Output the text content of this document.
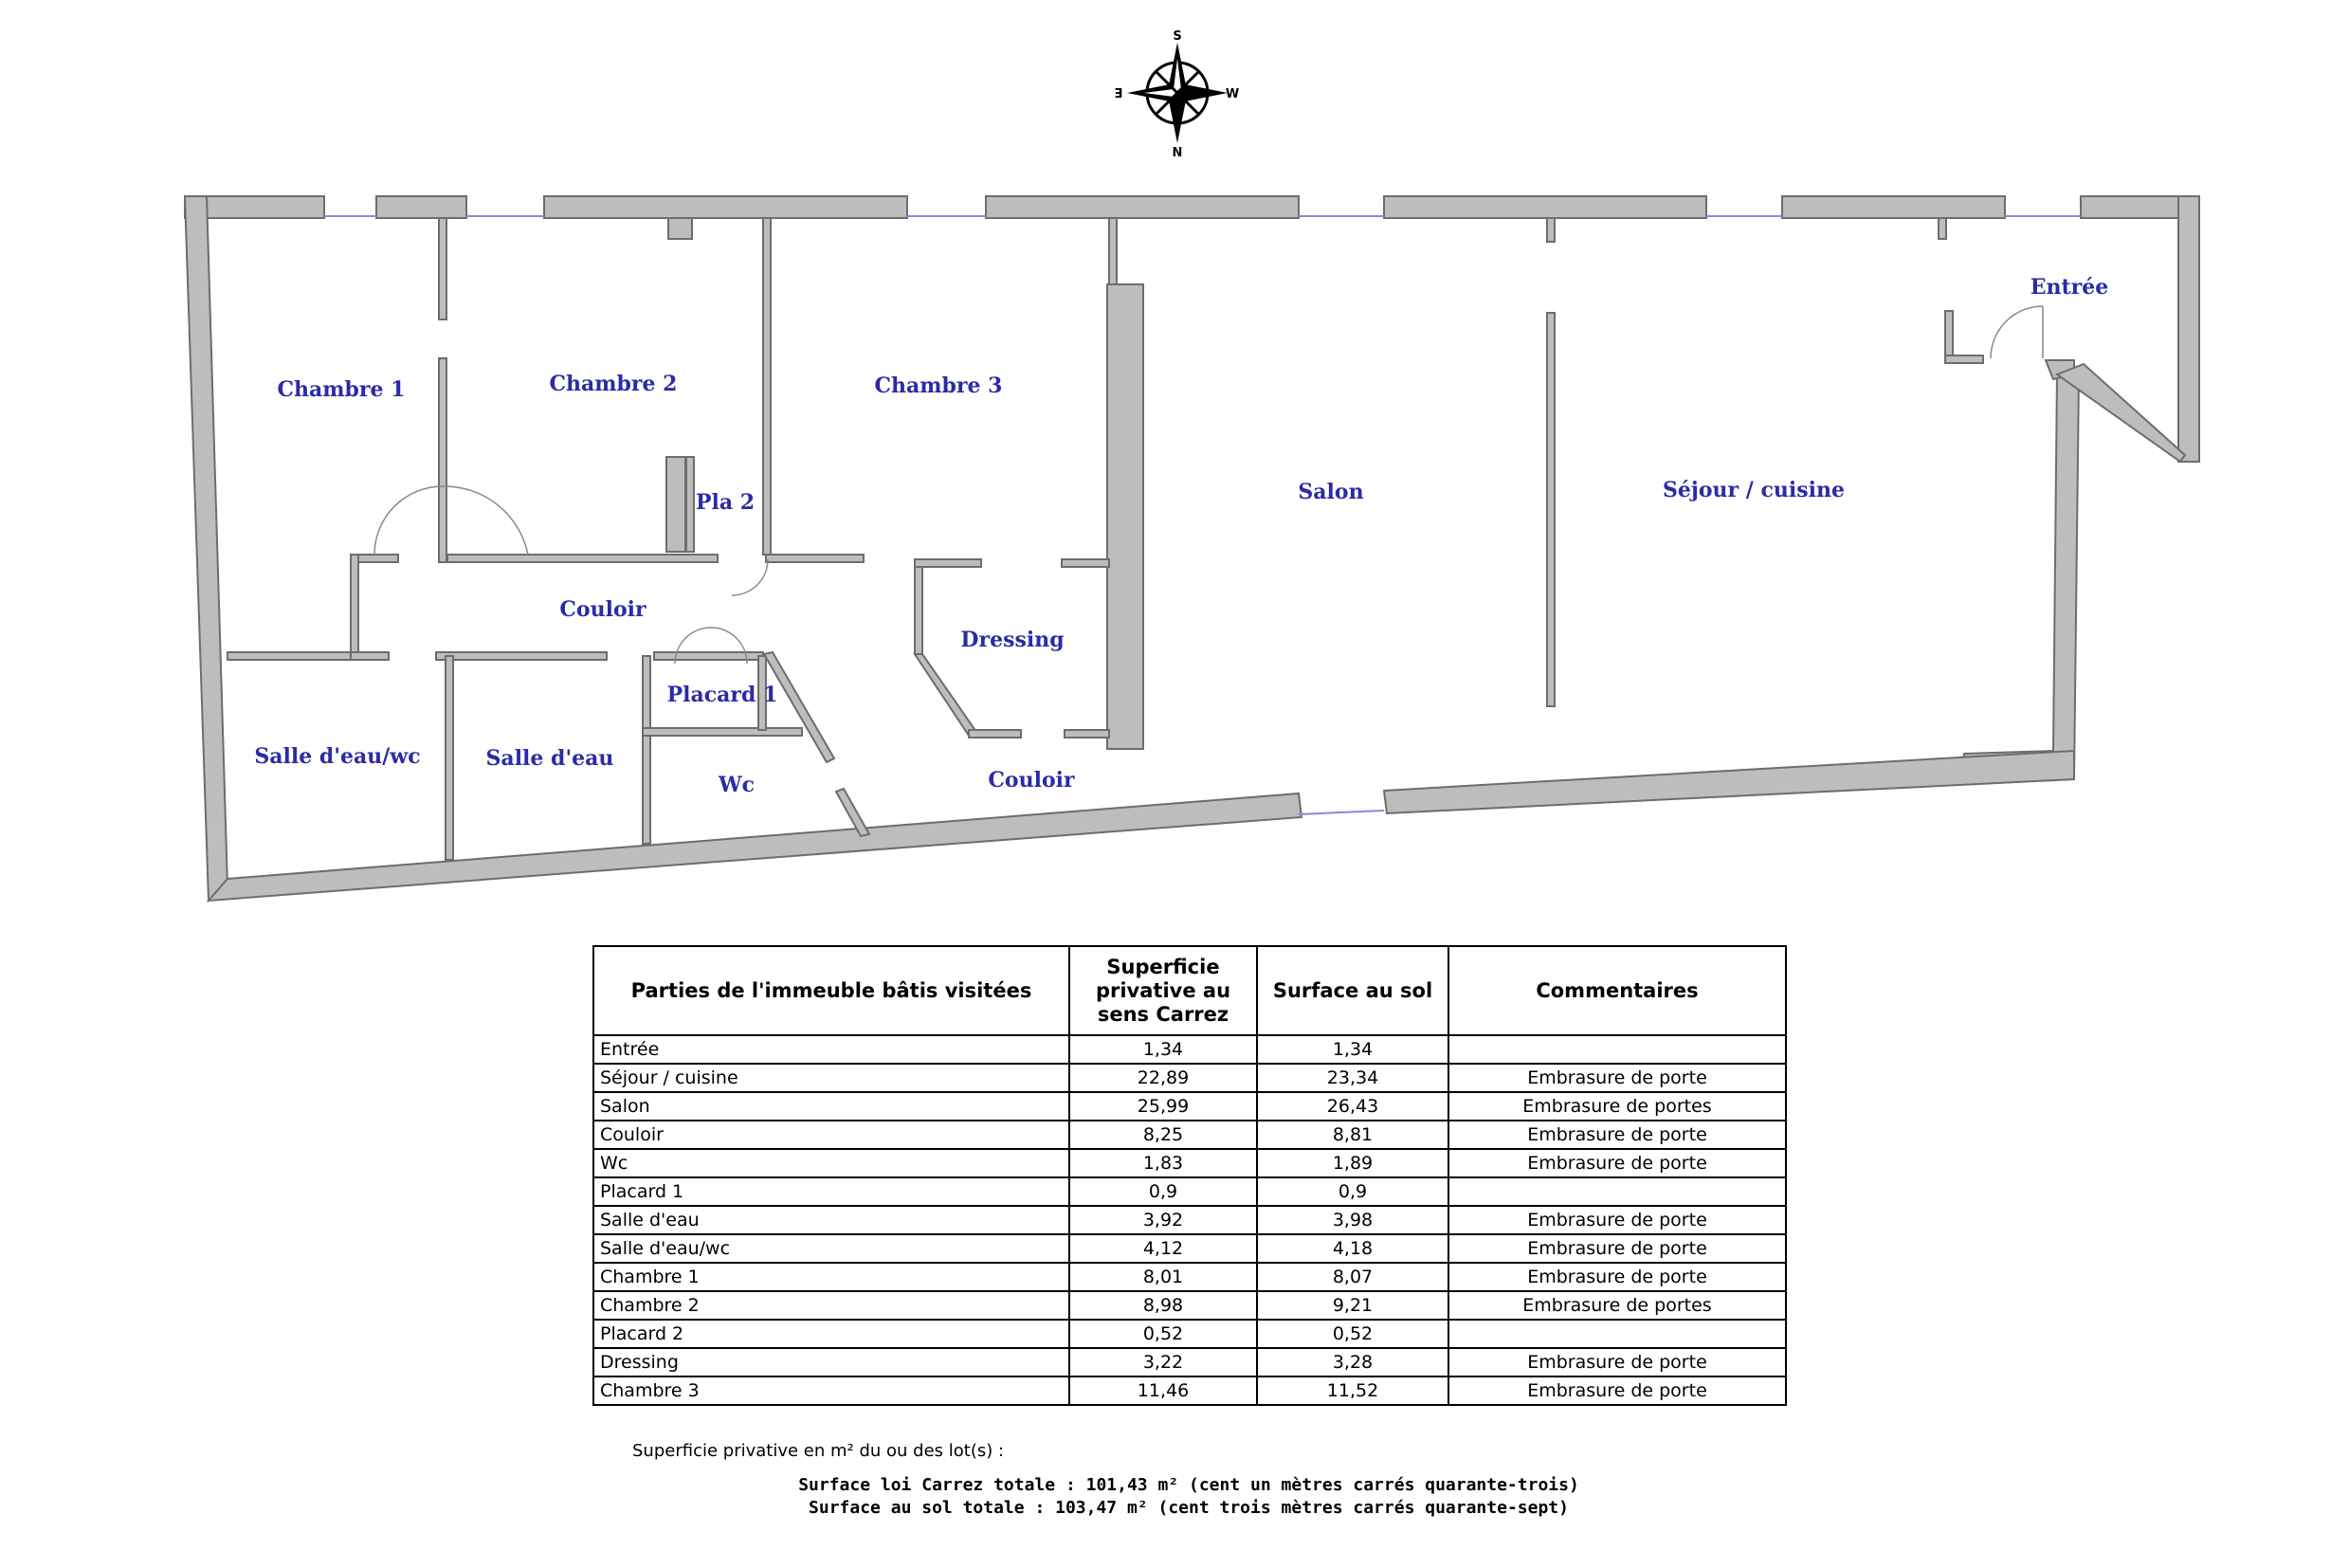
S
N
W
E
Chambre 1	Chambre 2	Chambre 3
Pla 2	Salon	Séjour / cuisine
Entrée
Couloir
Dressing
Placard 1
Salle d'eau/wc	Salle d'eau
Wc	Couloir
Parties de l'immeuble bâtis visitées	Superficie privative au sens Carrez	Surface au sol	Commentaires
Entrée	1,34	1,34	
Séjour / cuisine	22,89	23,34	Embrasure de porte
Salon	25,99	26,43	Embrasure de portes
Couloir	8,25	8,81	Embrasure de porte
Wc	1,83	1,89	Embrasure de porte
Placard 1	0,9	0,9	
Salle d'eau	3,92	3,98	Embrasure de porte
Salle d'eau/wc	4,12	4,18	Embrasure de porte
Chambre 1	8,01	8,07	Embrasure de porte
Chambre 2	8,98	9,21	Embrasure de portes
Placard 2	0,52	0,52	
Dressing	3,22	3,28	Embrasure de porte
Chambre 3	11,46	11,52	Embrasure de porte
Superficie privative en m² du ou des lot(s) :
Surface loi Carrez totale : 101,43 m² (cent un mètres carrés quarante-trois)
Surface au sol totale : 103,47 m² (cent trois mètres carrés quarante-sept)
